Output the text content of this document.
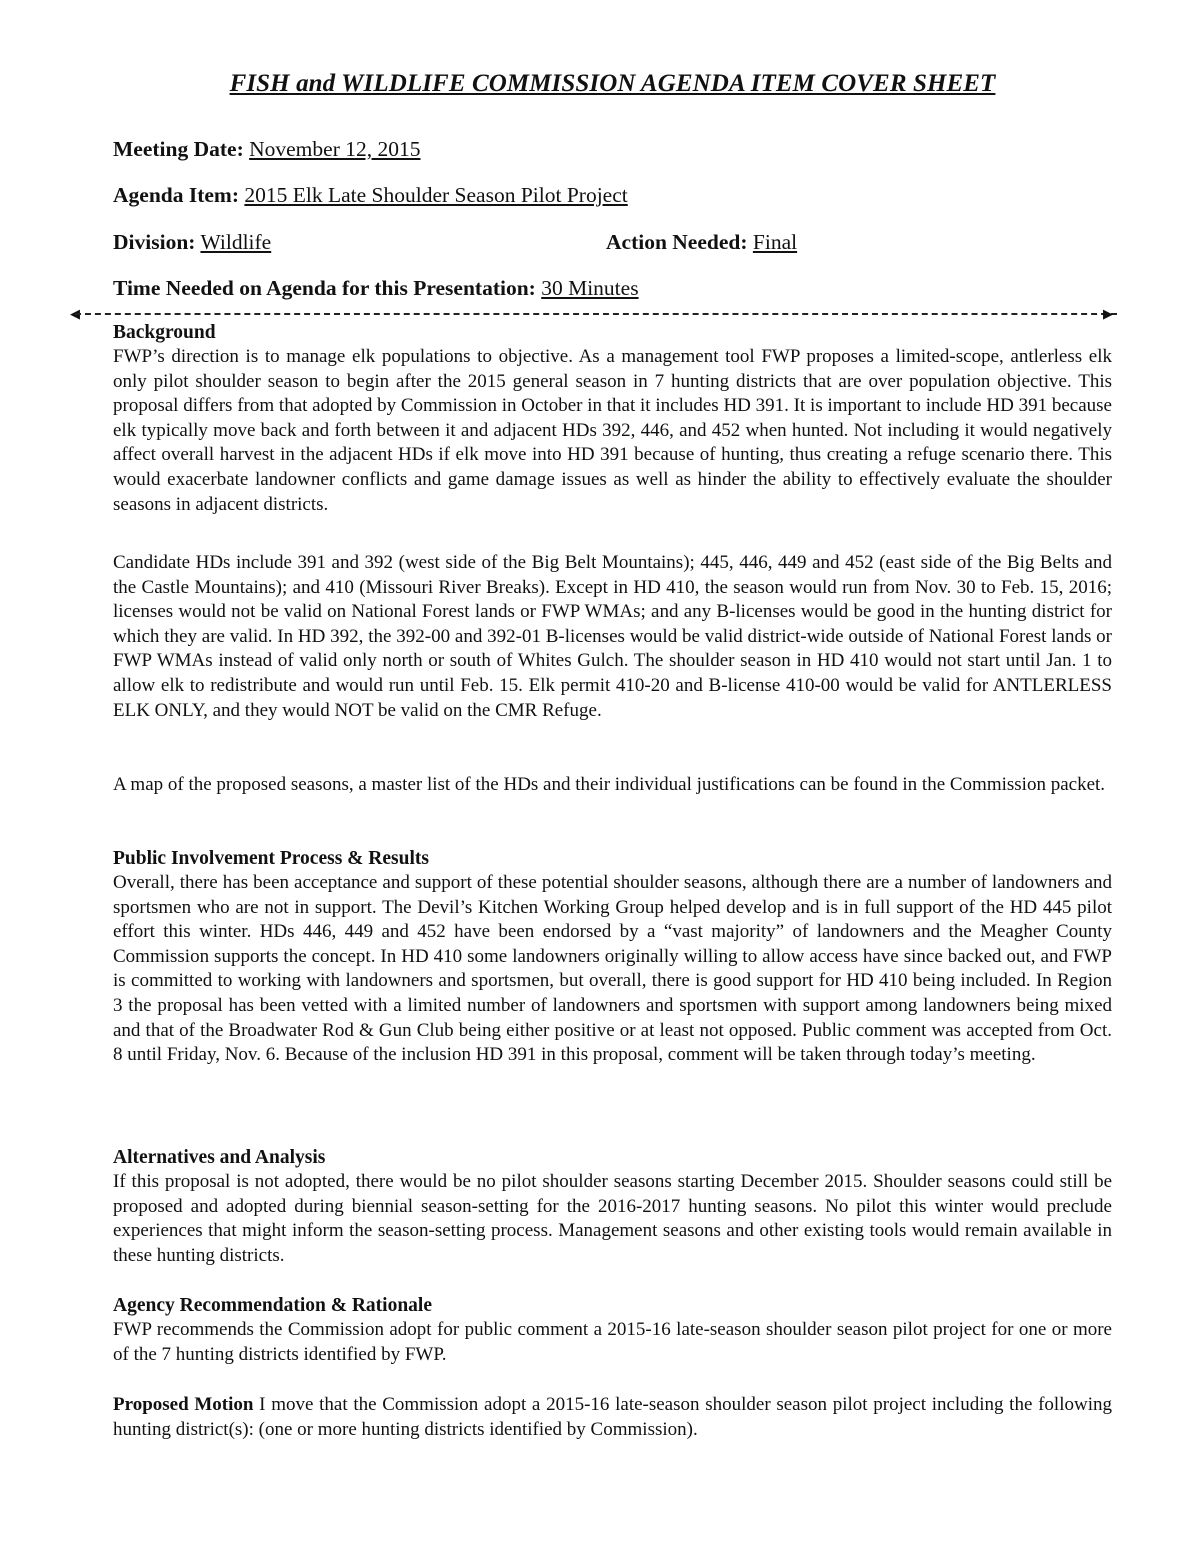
FISH and WILDLIFE COMMISSION AGENDA ITEM COVER SHEET
Meeting Date: November 12, 2015
Agenda Item: 2015 Elk Late Shoulder Season Pilot Project
Division: Wildlife	Action Needed: Final
Time Needed on Agenda for this Presentation: 30 Minutes
◀	▶
Background

FWP’s direction is to manage elk populations to objective. As a management tool FWP proposes a limited-scope, antlerless elk only pilot shoulder season to begin after the 2015 general season in 7 hunting districts that are over population objective. This proposal differs from that adopted by Commission in October in that it includes HD 391. It is important to include HD 391 because elk typically move back and forth between it and adjacent HDs 392, 446, and 452 when hunted. Not including it would negatively affect overall harvest in the adjacent HDs if elk move into HD 391 because of hunting, thus creating a refuge scenario there. This would exacerbate landowner conflicts and game damage issues as well as hinder the ability to effectively evaluate the shoulder seasons in adjacent districts.

Candidate HDs include 391 and 392 (west side of the Big Belt Mountains); 445, 446, 449 and 452 (east side of the Big Belts and the Castle Mountains); and 410 (Missouri River Breaks). Except in HD 410, the season would run from Nov. 30 to Feb. 15, 2016; licenses would not be valid on National Forest lands or FWP WMAs; and any B-licenses would be good in the hunting district for which they are valid. In HD 392, the 392-00 and 392-01 B-licenses would be valid district-wide outside of National Forest lands or FWP WMAs instead of valid only north or south of Whites Gulch. The shoulder season in HD 410 would not start until Jan. 1 to allow elk to redistribute and would run until Feb. 15. Elk permit 410-20 and B-license 410-00 would be valid for ANTLERLESS ELK ONLY, and they would NOT be valid on the CMR Refuge.

A map of the proposed seasons, a master list of the HDs and their individual justifications can be found in the Commission packet.

Public Involvement Process & Results

Overall, there has been acceptance and support of these potential shoulder seasons, although there are a number of landowners and sportsmen who are not in support. The Devil’s Kitchen Working Group helped develop and is in full support of the HD 445 pilot effort this winter. HDs 446, 449 and 452 have been endorsed by a “vast majority” of landowners and the Meagher County Commission supports the concept. In HD 410 some landowners originally willing to allow access have since backed out, and FWP is committed to working with landowners and sportsmen, but overall, there is good support for HD 410 being included. In Region 3 the proposal has been vetted with a limited number of landowners and sportsmen with support among landowners being mixed and that of the Broadwater Rod & Gun Club being either positive or at least not opposed. Public comment was accepted from Oct. 8 until Friday, Nov. 6. Because of the inclusion HD 391 in this proposal, comment will be taken through today’s meeting.

Alternatives and Analysis

If this proposal is not adopted, there would be no pilot shoulder seasons starting December 2015. Shoulder seasons could still be proposed and adopted during biennial season-setting for the 2016-2017 hunting seasons. No pilot this winter would preclude experiences that might inform the season-setting process. Management seasons and other existing tools would remain available in these hunting districts.

Agency Recommendation & Rationale

FWP recommends the Commission adopt for public comment a 2015-16 late-season shoulder season pilot project for one or more of the 7 hunting districts identified by FWP.

Proposed Motion I move that the Commission adopt a 2015-16 late-season shoulder season pilot project including the following hunting district(s): (one or more hunting districts identified by Commission).
